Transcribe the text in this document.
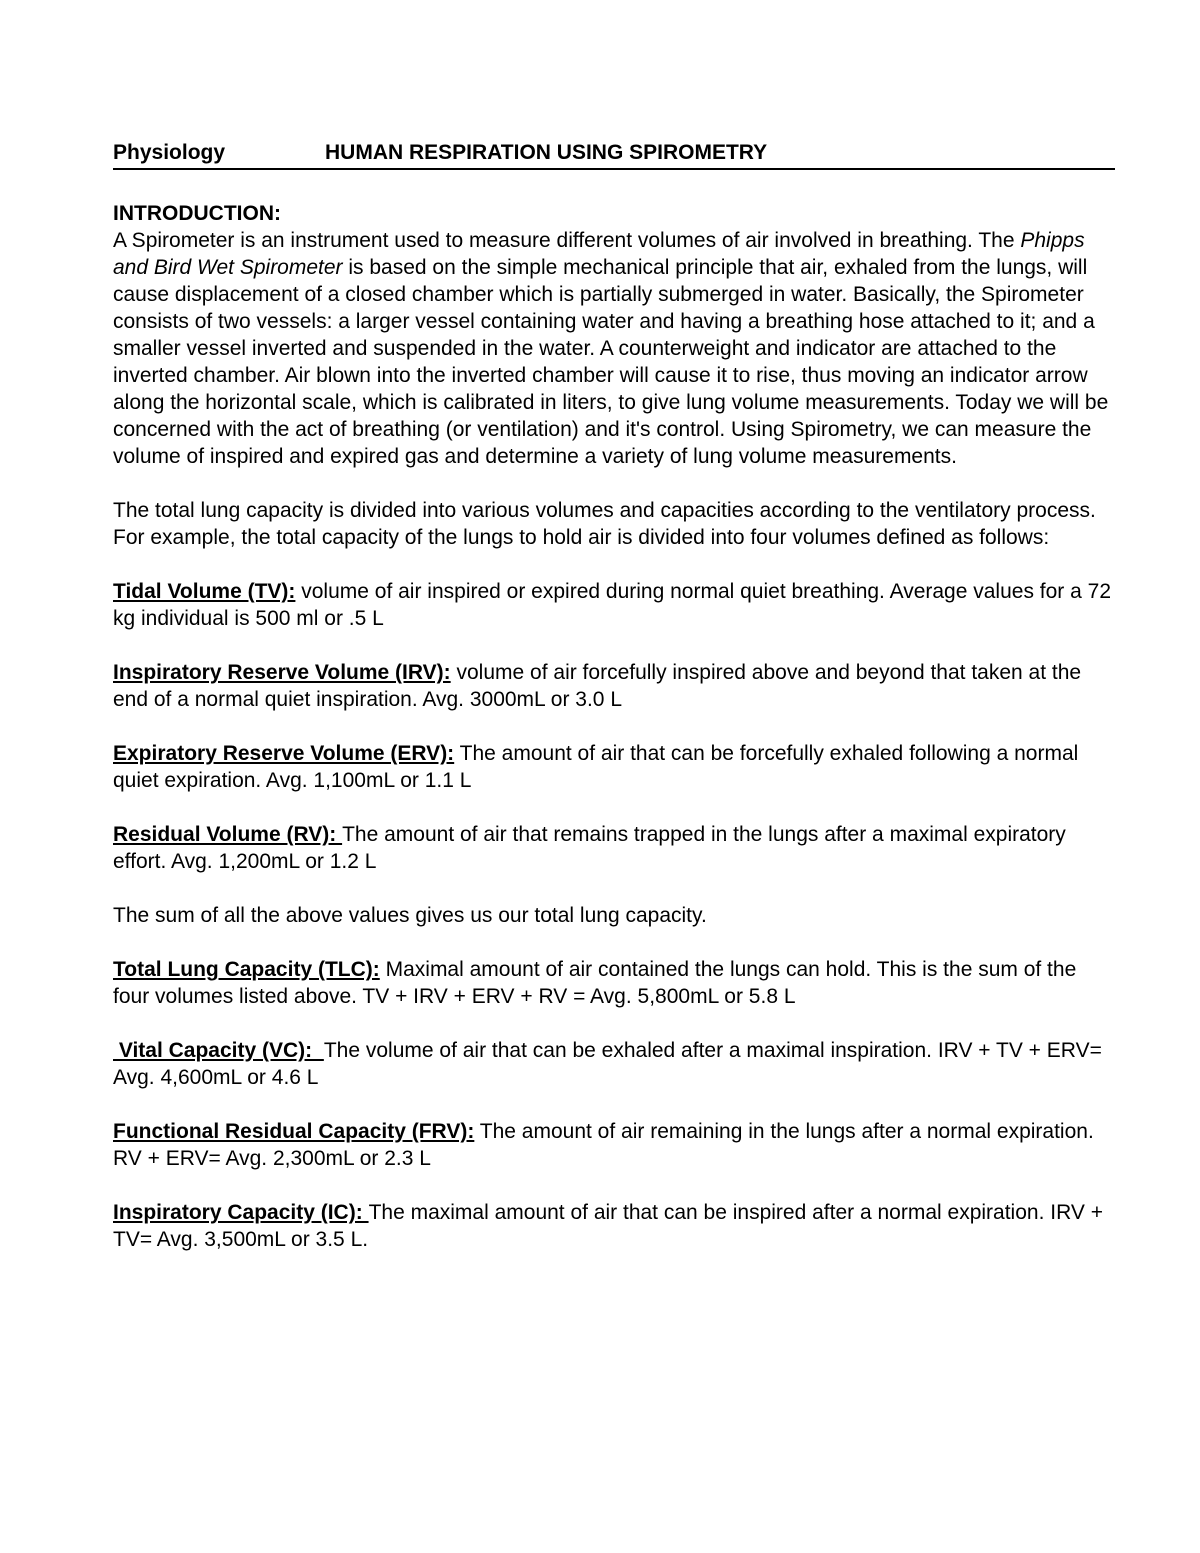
Physiology	HUMAN RESPIRATION USING SPIROMETRY

INTRODUCTION:
A Spirometer is an instrument used to measure different volumes of air involved in breathing. The Phipps and Bird Wet Spirometer is based on the simple mechanical principle that air, exhaled from the lungs, will cause displacement of a closed chamber which is partially submerged in water. Basically, the Spirometer consists of two vessels: a larger vessel containing water and having a breathing hose attached to it; and a smaller vessel inverted and suspended in the water. A counterweight and indicator are attached to the inverted chamber. Air blown into the inverted chamber will cause it to rise, thus moving an indicator arrow along the horizontal scale, which is calibrated in liters, to give lung volume measurements. Today we will be concerned with the act of breathing (or ventilation) and it's control. Using Spirometry, we can measure the volume of inspired and expired gas and determine a variety of lung volume measurements.

The total lung capacity is divided into various volumes and capacities according to the ventilatory process. For example, the total capacity of the lungs to hold air is divided into four volumes defined as follows:

Tidal Volume (TV): volume of air inspired or expired during normal quiet breathing. Average values for a 72 kg individual is 500 ml or .5 L

Inspiratory Reserve Volume (IRV): volume of air forcefully inspired above and beyond that taken at the end of a normal quiet inspiration. Avg. 3000mL or 3.0 L

Expiratory Reserve Volume (ERV): The amount of air that can be forcefully exhaled following a normal quiet expiration. Avg. 1,100mL or 1.1 L

Residual Volume (RV): The amount of air that remains trapped in the lungs after a maximal expiratory effort. Avg. 1,200mL or 1.2 L

The sum of all the above values gives us our total lung capacity.

Total Lung Capacity (TLC): Maximal amount of air contained the lungs can hold. This is the sum of the four volumes listed above. TV + IRV + ERV + RV = Avg. 5,800mL or 5.8 L

Vital Capacity (VC):  The volume of air that can be exhaled after a maximal inspiration. IRV + TV + ERV= Avg. 4,600mL or 4.6 L

Functional Residual Capacity (FRV): The amount of air remaining in the lungs after a normal expiration. RV + ERV= Avg. 2,300mL or 2.3 L

Inspiratory Capacity (IC): The maximal amount of air that can be inspired after a normal expiration. IRV + TV= Avg. 3,500mL or 3.5 L.
